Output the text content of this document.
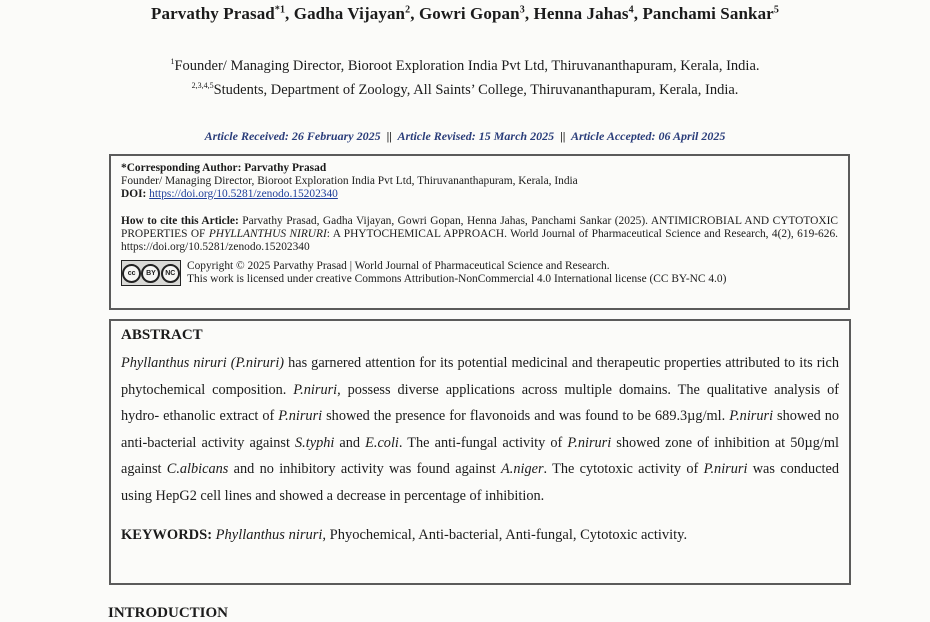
Parvathy Prasad$^{*1}$, Gadha Vijayan$^2$, Gowri Gopan$^3$, Henna Jahas$^4$, Panchami Sankar$^5$
$^1$Founder/ Managing Director, Bioroot Exploration India Pvt Ltd, Thiruvananthapuram, Kerala, India.
$^{2,3,4,5}$Students, Department of Zoology, All Saints’ College, Thiruvananthapuram, Kerala, India.
Article Received: 26 February 2025 || Article Revised: 15 March 2025 || Article Accepted: 06 April 2025
*Corresponding Author: Parvathy Prasad
Founder/ Managing Director, Bioroot Exploration India Pvt Ltd, Thiruvananthapuram, Kerala, India
DOI: https://doi.org/10.5281/zenodo.15202340
How to cite this Article: Parvathy Prasad, Gadha Vijayan, Gowri Gopan, Henna Jahas, Panchami Sankar (2025). ANTIMICROBIAL AND CYTOTOXIC PROPERTIES OF PHYLLANTHUS NIRURI: A PHYTOCHEMICAL APPROACH. World Journal of Pharmaceutical Science and Research, 4(2), 619-626. https://doi.org/10.5281/zenodo.15202340
cc	BY	NC
Copyright © 2025 Parvathy Prasad | World Journal of Pharmaceutical Science and Research.
This work is licensed under creative Commons Attribution-NonCommercial 4.0 International license (CC BY-NC 4.0)
ABSTRACT
Phyllanthus niruri (P.niruri) has garnered attention for its potential medicinal and therapeutic properties attributed to its rich phytochemical composition. P.niruri, possess diverse applications across multiple domains. The qualitative analysis of hydro- ethanolic extract of P.niruri showed the presence for flavonoids and was found to be 689.3µg/ml. P.niruri showed no anti-bacterial activity against S.typhi and E.coli. The anti-fungal activity of P.niruri showed zone of inhibition at 50µg/ml against C.albicans and no inhibitory activity was found against A.niger. The cytotoxic activity of P.niruri was conducted using HepG2 cell lines and showed a decrease in percentage of inhibition.
KEYWORDS: Phyllanthus niruri, Phyochemical, Anti-bacterial, Anti-fungal, Cytotoxic activity.
INTRODUCTION
